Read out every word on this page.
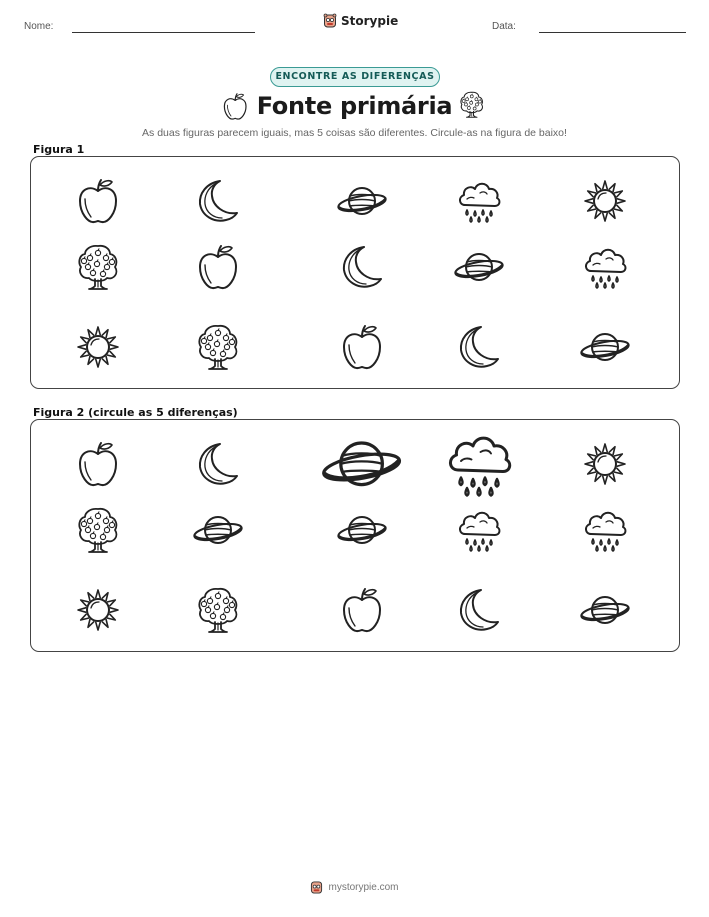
Nome:	Storypie	Data:
ENCONTRE AS DIFERENÇAS
Fonte primária
As duas figuras parecem iguais, mas 5 coisas são diferentes. Circule-as na figura de baixo!
Figura 1
Figura 2 (circule as 5 diferenças)
mystorypie.com
